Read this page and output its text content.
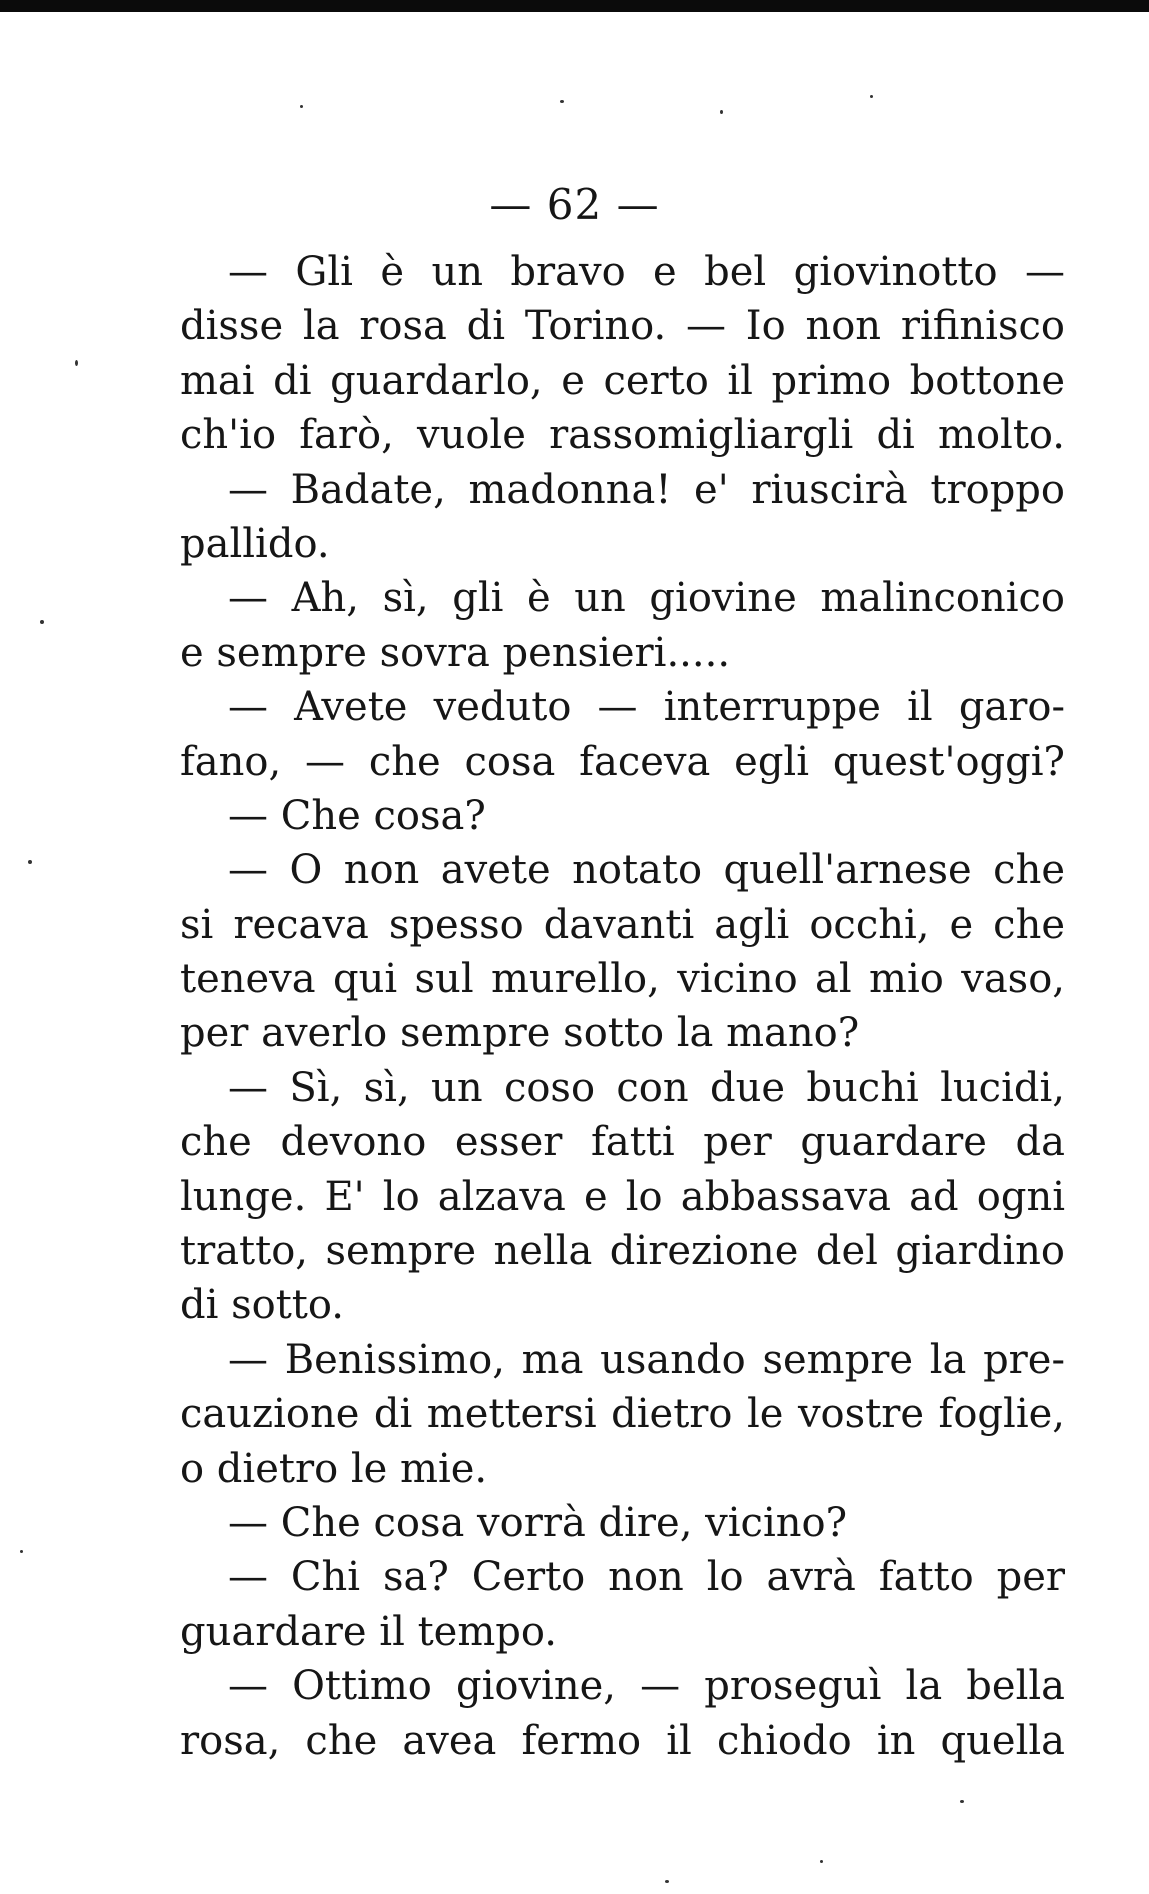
— 62 —
— Gli è un bravo e bel giovinotto —
disse la rosa di Torino. — Io non rifinisco
mai di guardarlo, e certo il primo bottone
ch'io farò, vuole rassomigliargli di molto.
— Badate, madonna! e' riuscirà troppo
pallido.
— Ah, sì, gli è un giovine malinconico
e sempre sovra pensieri.....
— Avete veduto — interruppe il garo-
fano, — che cosa faceva egli quest'oggi?
— Che cosa?
— O non avete notato quell'arnese che
si recava spesso davanti agli occhi, e che
teneva qui sul murello, vicino al mio vaso,
per averlo sempre sotto la mano?
— Sì, sì, un coso con due buchi lucidi,
che devono esser fatti per guardare da
lunge. E' lo alzava e lo abbassava ad ogni
tratto, sempre nella direzione del giardino
di sotto.
— Benissimo, ma usando sempre la pre-
cauzione di mettersi dietro le vostre foglie,
o dietro le mie.
— Che cosa vorrà dire, vicino?
— Chi sa? Certo non lo avrà fatto per
guardare il tempo.
— Ottimo giovine, — proseguì la bella
rosa, che avea fermo il chiodo in quella
